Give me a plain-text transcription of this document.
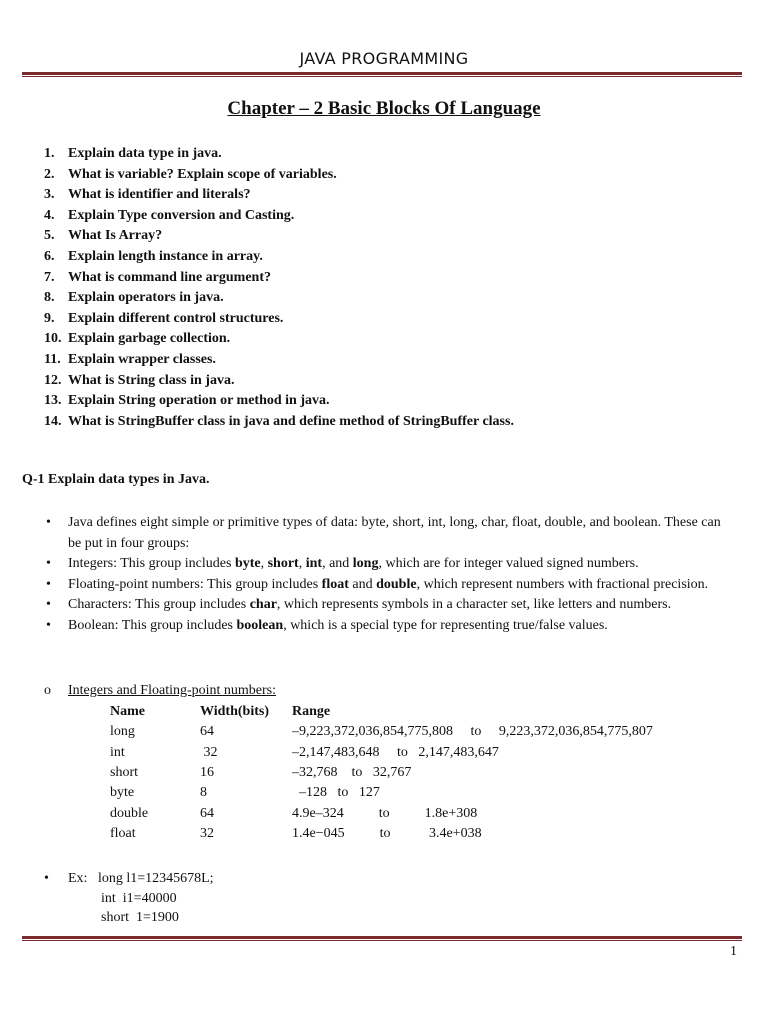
JAVA PROGRAMMING
Chapter – 2 Basic Blocks Of Language
1. Explain data type in java.
2. What is variable? Explain scope of variables.
3. What is identifier and literals?
4. Explain Type conversion and Casting.
5. What Is Array?
6. Explain length instance in array.
7. What is command line argument?
8. Explain operators in java.
9. Explain different control structures.
10. Explain garbage collection.
11. Explain wrapper classes.
12. What is String class in java.
13. Explain String operation or method in java.
14. What is StringBuffer class in java and define method of StringBuffer class.
Q-1 Explain data types in Java.
• Java defines eight simple or primitive types of data: byte, short, int, long, char, float, double, and boolean. These can be put in four groups:
• Integers: This group includes byte, short, int, and long, which are for integer valued signed numbers.
• Floating-point numbers: This group includes float and double, which represent numbers with fractional precision.
• Characters: This group includes char, which represents symbols in a character set, like letters and numbers.
• Boolean: This group includes boolean, which is a special type for representing true/false values.
o Integers and Floating-point numbers:
Name	Width(bits)	Range
long	64	–9,223,372,036,854,775,808     to     9,223,372,036,854,775,807
int	32	–2,147,483,648     to   2,147,483,647
short	16	–32,768    to   32,767
byte	8	–128   to   127
double	64	4.9e–324          to          1.8e+308
float	32	1.4e−045          to           3.4e+038
• Ex: long l1=12345678L;
int  i1=40000
short  1=1900
1
